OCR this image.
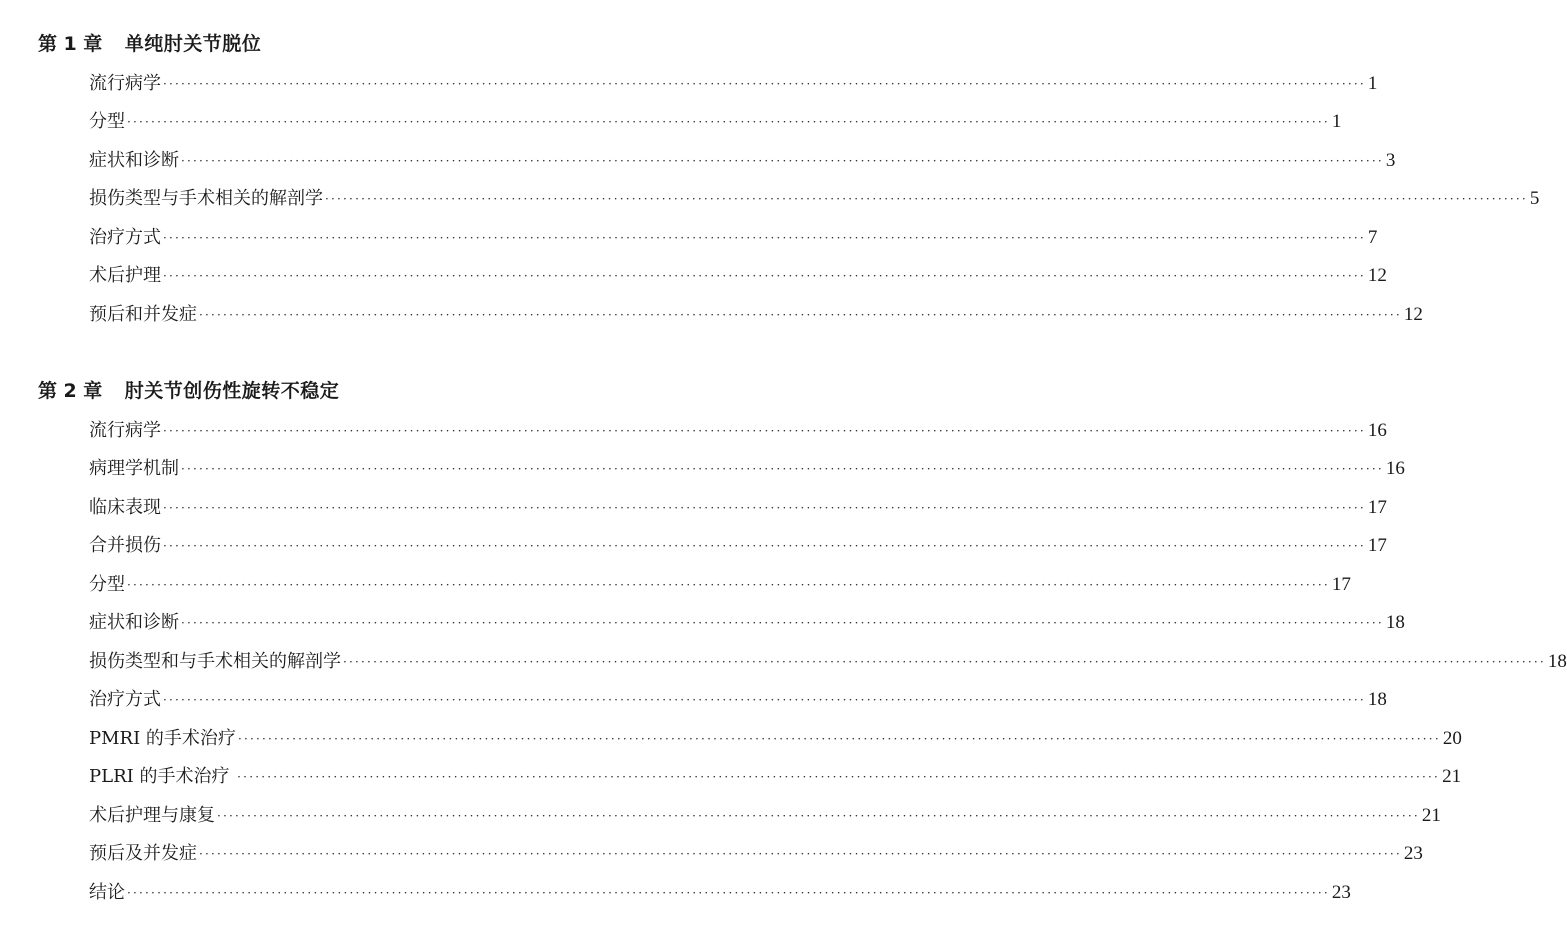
第 1 章 单纯肘关节脱位
流行病学 ········································································································································································································ 1
分型 ········································································································································································································ 1
症状和诊断 ········································································································································································································ 3
损伤类型与手术相关的解剖学 ········································································································································································································ 5
治疗方式 ········································································································································································································ 7
术后护理 ········································································································································································································ 12
预后和并发症 ········································································································································································································ 12
第 2 章 肘关节创伤性旋转不稳定
流行病学 ········································································································································································································ 16
病理学机制 ········································································································································································································ 16
临床表现 ········································································································································································································ 17
合并损伤 ········································································································································································································ 17
分型 ········································································································································································································ 17
症状和诊断 ········································································································································································································ 18
损伤类型和与手术相关的解剖学 ········································································································································································································ 18
治疗方式 ········································································································································································································ 18
PMRI 的手术治疗 ········································································································································································································ 20
PLRI 的手术治疗 ········································································································································································································ 21
术后护理与康复 ········································································································································································································ 21
预后及并发症 ········································································································································································································ 23
结论 ········································································································································································································ 23
